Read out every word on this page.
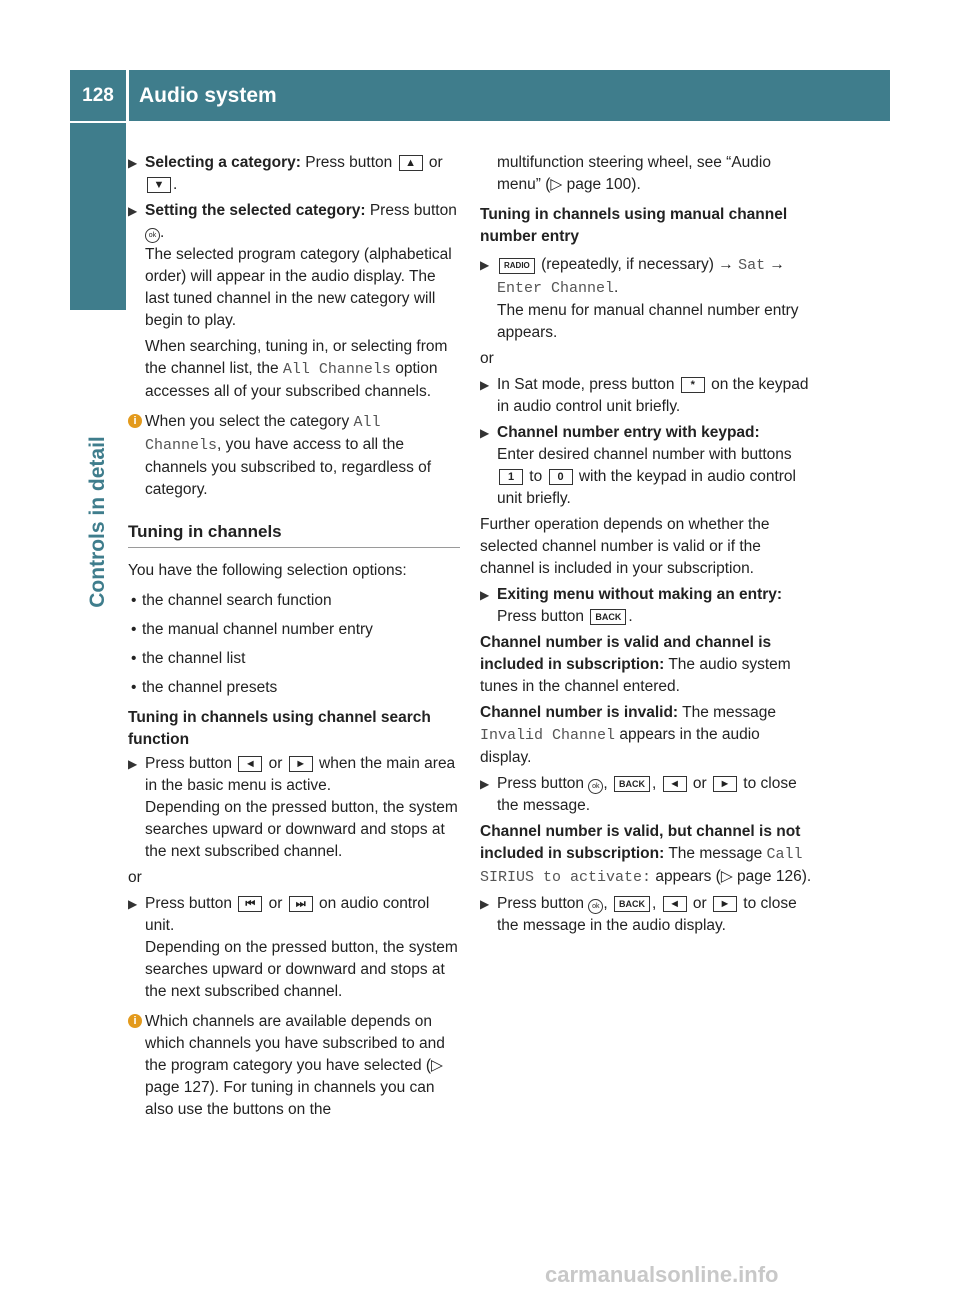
128	Audio system
Controls in detail
▶ Selecting a category: Press button ▲ or ▼ .
▶ Setting the selected category: Press button ok .

The selected program category (alphabetical order) will appear in the audio display. The last tuned channel in the new category will begin to play.

When searching, tuning in, or selecting from the channel list, the All Channels option accesses all of your subscribed channels.

i When you select the category All Channels, you have access to all the channels you subscribed to, regardless of category.
Tuning in channels

You have the following selection options:

• the channel search function
• the manual channel number entry
• the channel list
• the channel presets
Tuning in channels using channel search function
▶ Press button ◄ or ► when the main area in the basic menu is active.

Depending on the pressed button, the system searches upward or downward and stops at the next subscribed channel.

or

▶ Press button ⏮ or ⏭ on audio control unit.

Depending on the pressed button, the system searches upward or downward and stops at the next subscribed channel.

i Which channels are available depends on which channels you have subscribed to and the program category you have selected (▷ page 127). For tuning in channels you can also use the buttons on the

multifunction steering wheel, see “Audio menu” (▷ page 100).

Tuning in channels using manual channel number entry
▶ RADIO (repeatedly, if necessary) → Sat → Enter Channel.

The menu for manual channel number entry appears.

or

▶ In Sat mode, press button * on the keypad in audio control unit briefly.
▶ Channel number entry with keypad:
Enter desired channel number with buttons 1 to 0 with the keypad in audio control unit briefly.

Further operation depends on whether the selected channel number is valid or if the channel is included in your subscription.

▶ Exiting menu without making an entry:
Press button BACK .

Channel number is valid and channel is included in subscription: The audio system tunes in the channel entered.

Channel number is invalid: The message Invalid Channel appears in the audio display.

▶ Press button ok , BACK , ◄ or ► to close the message.

Channel number is valid, but channel is not included in subscription: The message Call SIRIUS to activate: appears (▷ page 126).

▶ Press button ok , BACK , ◄ or ► to close the message in the audio display.
carmanualsonline.info
